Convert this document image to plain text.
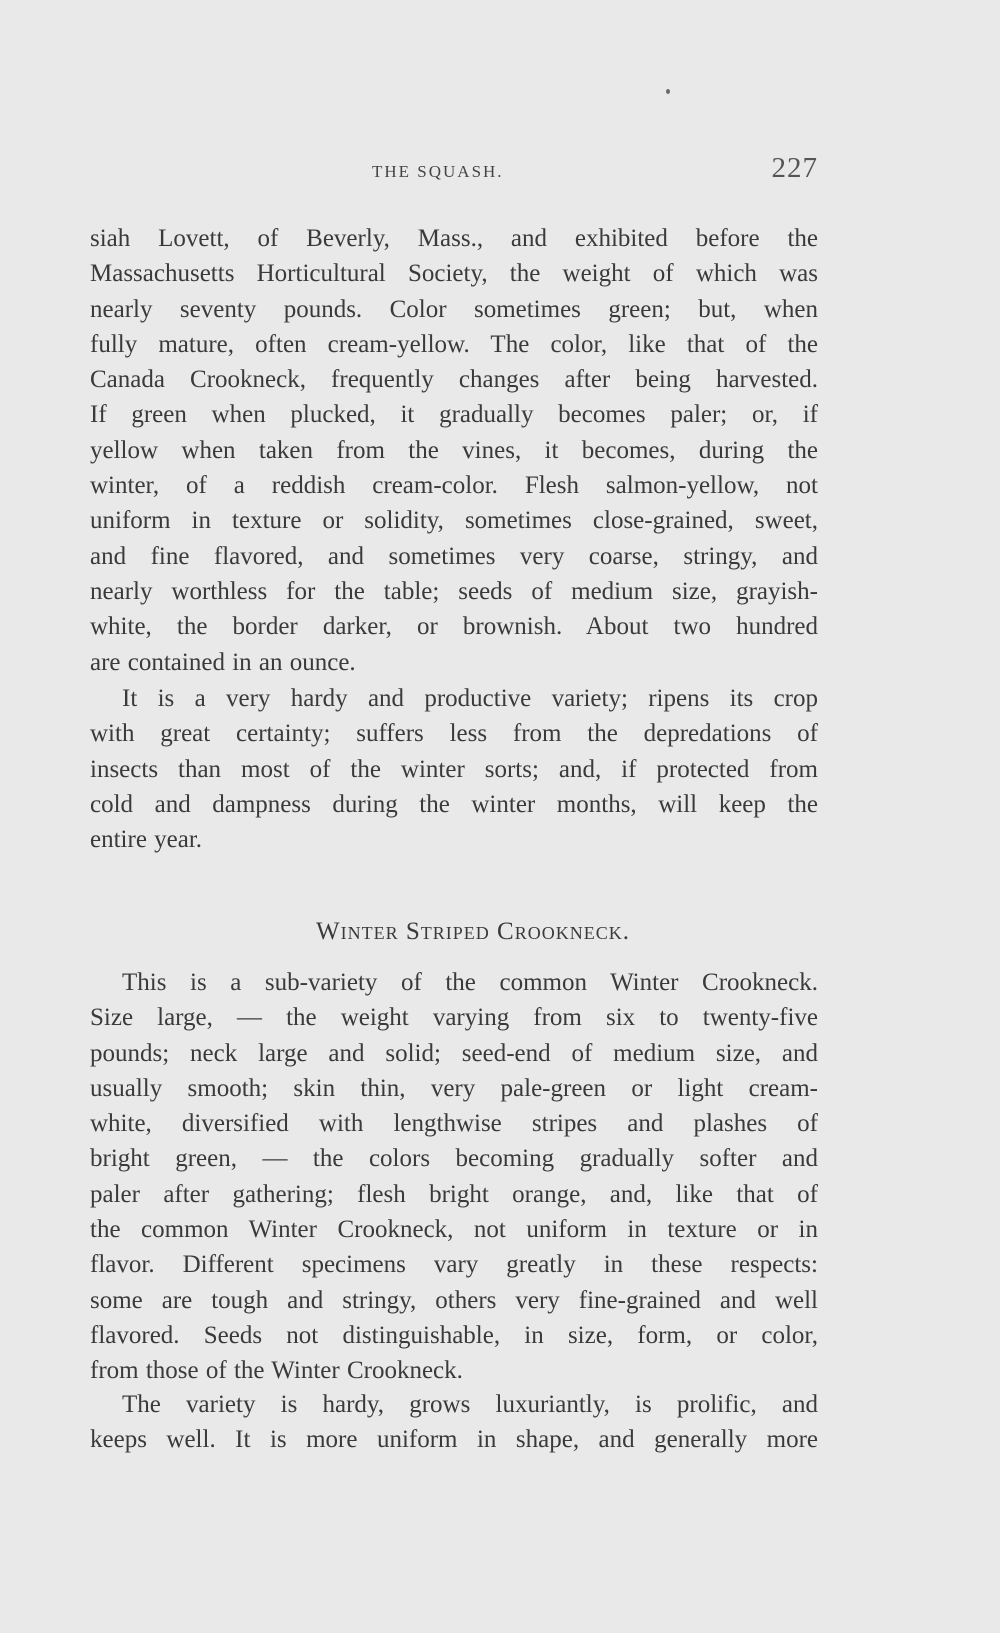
THE SQUASH.	227
siah Lovett, of Beverly, Mass., and exhibited before the
Massachusetts Horticultural Society, the weight of which was
nearly seventy pounds. Color sometimes green; but, when
fully mature, often cream-yellow. The color, like that of the
Canada Crookneck, frequently changes after being harvested.
If green when plucked, it gradually becomes paler; or, if
yellow when taken from the vines, it becomes, during the
winter, of a reddish cream-color. Flesh salmon-yellow, not
uniform in texture or solidity, sometimes close-grained, sweet,
and fine flavored, and sometimes very coarse, stringy, and
nearly worthless for the table; seeds of medium size, grayish-
white, the border darker, or brownish. About two hundred
are contained in an ounce.
It is a very hardy and productive variety; ripens its crop
with great certainty; suffers less from the depredations of
insects than most of the winter sorts; and, if protected from
cold and dampness during the winter months, will keep the
entire year.
Winter Striped Crookneck.
This is a sub-variety of the common Winter Crookneck.
Size large, — the weight varying from six to twenty-five
pounds; neck large and solid; seed-end of medium size, and
usually smooth; skin thin, very pale-green or light cream-
white, diversified with lengthwise stripes and plashes of
bright green, — the colors becoming gradually softer and
paler after gathering; flesh bright orange, and, like that of
the common Winter Crookneck, not uniform in texture or in
flavor. Different specimens vary greatly in these respects:
some are tough and stringy, others very fine-grained and well
flavored. Seeds not distinguishable, in size, form, or color,
from those of the Winter Crookneck.
The variety is hardy, grows luxuriantly, is prolific, and
keeps well. It is more uniform in shape, and generally more
